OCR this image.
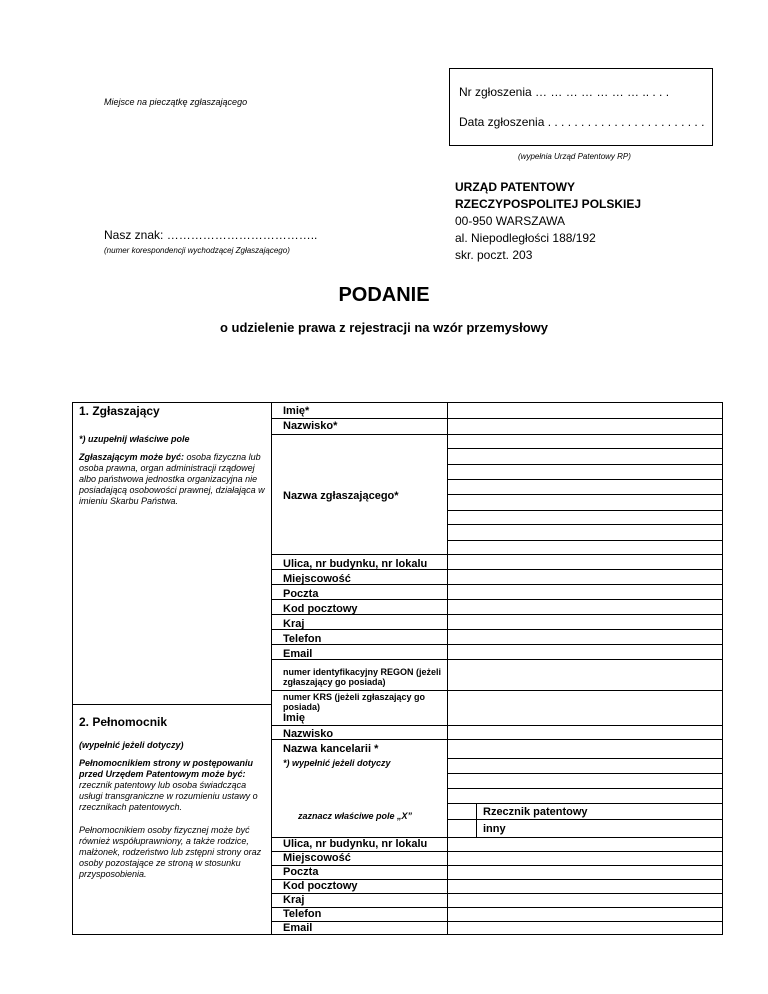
Miejsce na pieczątkę zgłaszającego
Nr zgłoszenia … … … … … … … .. . . .
Data zgłoszenia . . . . . . . . . . . . . . . . . . . . . . . .
(wypełnia Urząd Patentowy RP)
URZĄD PATENTOWY
RZECZYPOSPOLITEJ POLSKIEJ
00-950 WARSZAWA
al. Niepodległości 188/192
skr. poczt. 203
Nasz znak: ………………………………..
(numer korespondencji wychodzącej Zgłaszającego)
PODANIE
o udzielenie prawa z rejestracji na wzór przemysłowy
1. Zgłaszający
*) uzupełnij właściwe pole
Zgłaszającym może być: osoba fizyczna lub osoba prawna, organ administracji rządowej albo państwowa jednostka organizacyjna nie posiadającą osobowości prawnej, działająca w imieniu Skarbu Państwa.
Imię*
Nazwisko*
Nazwa zgłaszającego*
Ulica, nr budynku, nr lokalu
Miejscowość
Poczta
Kod pocztowy
Kraj
Telefon
Email
numer identyfikacyjny REGON (jeżeli zgłaszający go posiada)
numer KRS (jeżeli zgłaszający go posiada)
2. Pełnomocnik
(wypełnić jeżeli dotyczy)
Pełnomocnikiem strony w postępowaniu przed Urzędem Patentowym może być: rzecznik patentowy lub osoba świadcząca usługi transgraniczne w rozumieniu ustawy o rzecznikach patentowych.
Pełnomocnikiem osoby fizycznej może być również współuprawniony, a także rodzice, małżonek, rodzeństwo lub zstępni strony oraz osoby pozostające ze stroną w stosunku przysposobienia.
Imię
Nazwisko
Nazwa kancelarii *
*) wypełnić jeżeli dotyczy
zaznacz właściwe pole „X”	Rzecznik patentowy
inny
Ulica, nr budynku, nr lokalu
Miejscowość
Poczta
Kod pocztowy
Kraj
Telefon
Email
